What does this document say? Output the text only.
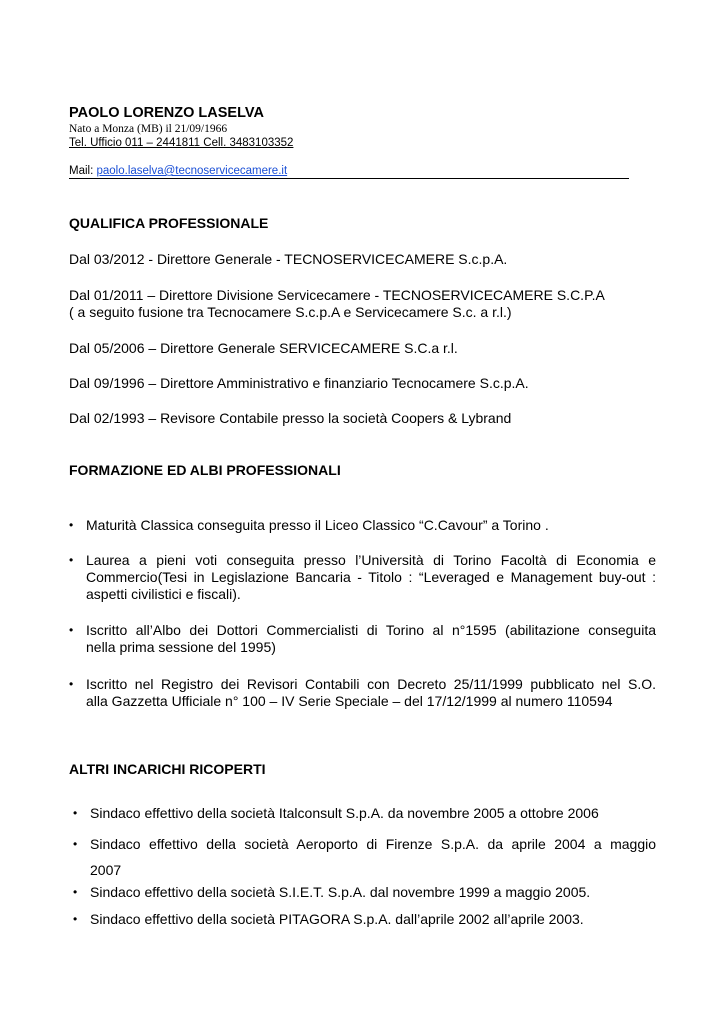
PAOLO LORENZO LASELVA
Nato a Monza (MB) il 21/09/1966
Tel. Ufficio 011 – 2441811 Cell. 3483103352
Mail: paolo.laselva@tecnoservicecamere.it
QUALIFICA PROFESSIONALE
Dal 03/2012 - Direttore Generale - TECNOSERVICECAMERE S.c.p.A.
Dal 01/2011 – Direttore Divisione Servicecamere - TECNOSERVICECAMERE S.C.P.A
( a seguito fusione tra Tecnocamere S.c.p.A e Servicecamere S.c. a r.l.)
Dal 05/2006 – Direttore Generale SERVICECAMERE S.C.a r.l.
Dal 09/1996 – Direttore Amministrativo e finanziario Tecnocamere S.c.p.A.
Dal 02/1993 – Revisore Contabile presso la società Coopers & Lybrand
FORMAZIONE ED ALBI PROFESSIONALI
• Maturità Classica conseguita presso il Liceo Classico “C.Cavour” a Torino .
• Laurea a pieni voti conseguita presso l’Università di Torino Facoltà di Economia e
Commercio(Tesi in Legislazione Bancaria - Titolo : “Leveraged e Management buy-out :
aspetti civilistici e fiscali).
• Iscritto all’Albo dei Dottori Commercialisti di Torino al n°1595 (abilitazione conseguita
nella prima sessione del 1995)
• Iscritto nel Registro dei Revisori Contabili con Decreto 25/11/1999 pubblicato nel S.O.
alla Gazzetta Ufficiale n° 100 – IV Serie Speciale – del 17/12/1999 al numero 110594
ALTRI INCARICHI RICOPERTI
• Sindaco effettivo della società Italconsult S.p.A. da novembre 2005 a ottobre 2006
• Sindaco effettivo della società Aeroporto di Firenze S.p.A. da aprile 2004 a maggio
2007
• Sindaco effettivo della società S.I.E.T. S.p.A. dal novembre 1999 a maggio 2005.
• Sindaco effettivo della società PITAGORA S.p.A. dall’aprile 2002 all’aprile 2003.
